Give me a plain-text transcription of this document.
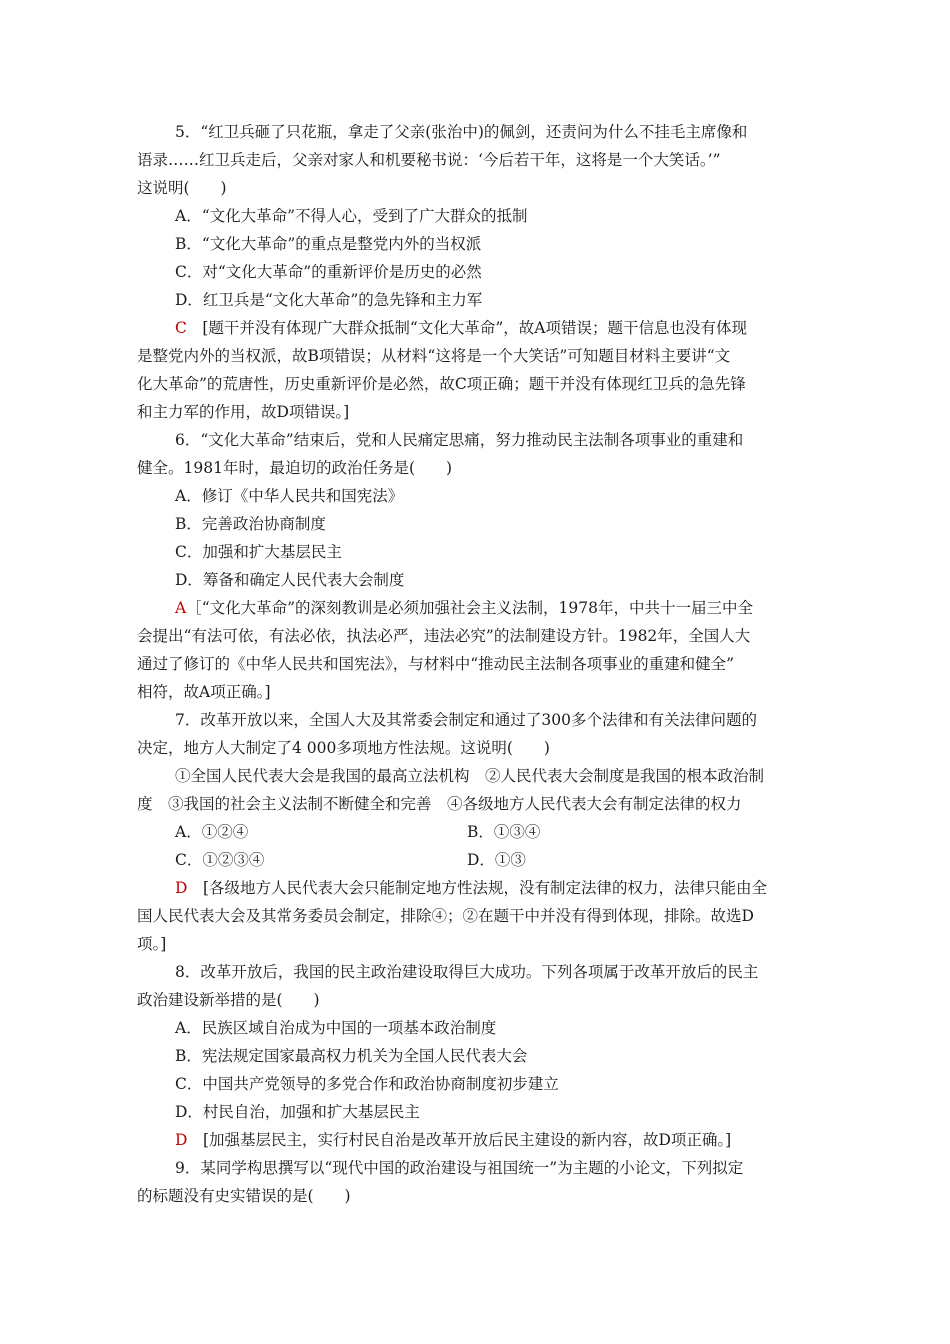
5．“红卫兵砸了只花瓶，拿走了父亲(张治中)的佩剑，还责问为什么不挂毛主席像和
语录……红卫兵走后，父亲对家人和机要秘书说：‘今后若干年，这将是一个大笑话。’”
这说明(　　)
A．“文化大革命”不得人心，受到了广大群众的抵制
B．“文化大革命”的重点是整党内外的当权派
C．对“文化大革命”的重新评价是历史的必然
D．红卫兵是“文化大革命”的急先锋和主力军
C　[题干并没有体现广大群众抵制“文化大革命”，故A项错误；题干信息也没有体现
是整党内外的当权派，故B项错误；从材料“这将是一个大笑话”可知题目材料主要讲“文
化大革命”的荒唐性，历史重新评价是必然，故C项正确；题干并没有体现红卫兵的急先锋
和主力军的作用，故D项错误。]
6．“文化大革命”结束后，党和人民痛定思痛，努力推动民主法制各项事业的重建和
健全。1981年时，最迫切的政治任务是(　　)
A．修订《中华人民共和国宪法》
B．完善政治协商制度
C．加强和扩大基层民主
D．筹备和确定人民代表大会制度
A［“文化大革命”的深刻教训是必须加强社会主义法制，1978年，中共十一届三中全
会提出“有法可依，有法必依，执法必严，违法必究”的法制建设方针。1982年，全国人大
通过了修订的《中华人民共和国宪法》，与材料中“推动民主法制各项事业的重建和健全”
相符，故A项正确。]
7．改革开放以来，全国人大及其常委会制定和通过了300多个法律和有关法律问题的
决定，地方人大制定了4 000多项地方性法规。这说明(　　)
①全国人民代表大会是我国的最高立法机构　②人民代表大会制度是我国的根本政治制
度　③我国的社会主义法制不断健全和完善　④各级地方人民代表大会有制定法律的权力
A．①②④	B．①③④
C．①②③④	D．①③
D　[各级地方人民代表大会只能制定地方性法规，没有制定法律的权力，法律只能由全
国人民代表大会及其常务委员会制定，排除④；②在题干中并没有得到体现，排除。故选D
项。]
8．改革开放后，我国的民主政治建设取得巨大成功。下列各项属于改革开放后的民主
政治建设新举措的是(　　)
A．民族区域自治成为中国的一项基本政治制度
B．宪法规定国家最高权力机关为全国人民代表大会
C．中国共产党领导的多党合作和政治协商制度初步建立
D．村民自治，加强和扩大基层民主
D　[加强基层民主，实行村民自治是改革开放后民主建设的新内容，故D项正确。]
9．某同学构思撰写以“现代中国的政治建设与祖国统一”为主题的小论文，下列拟定
的标题没有史实错误的是(　　)
